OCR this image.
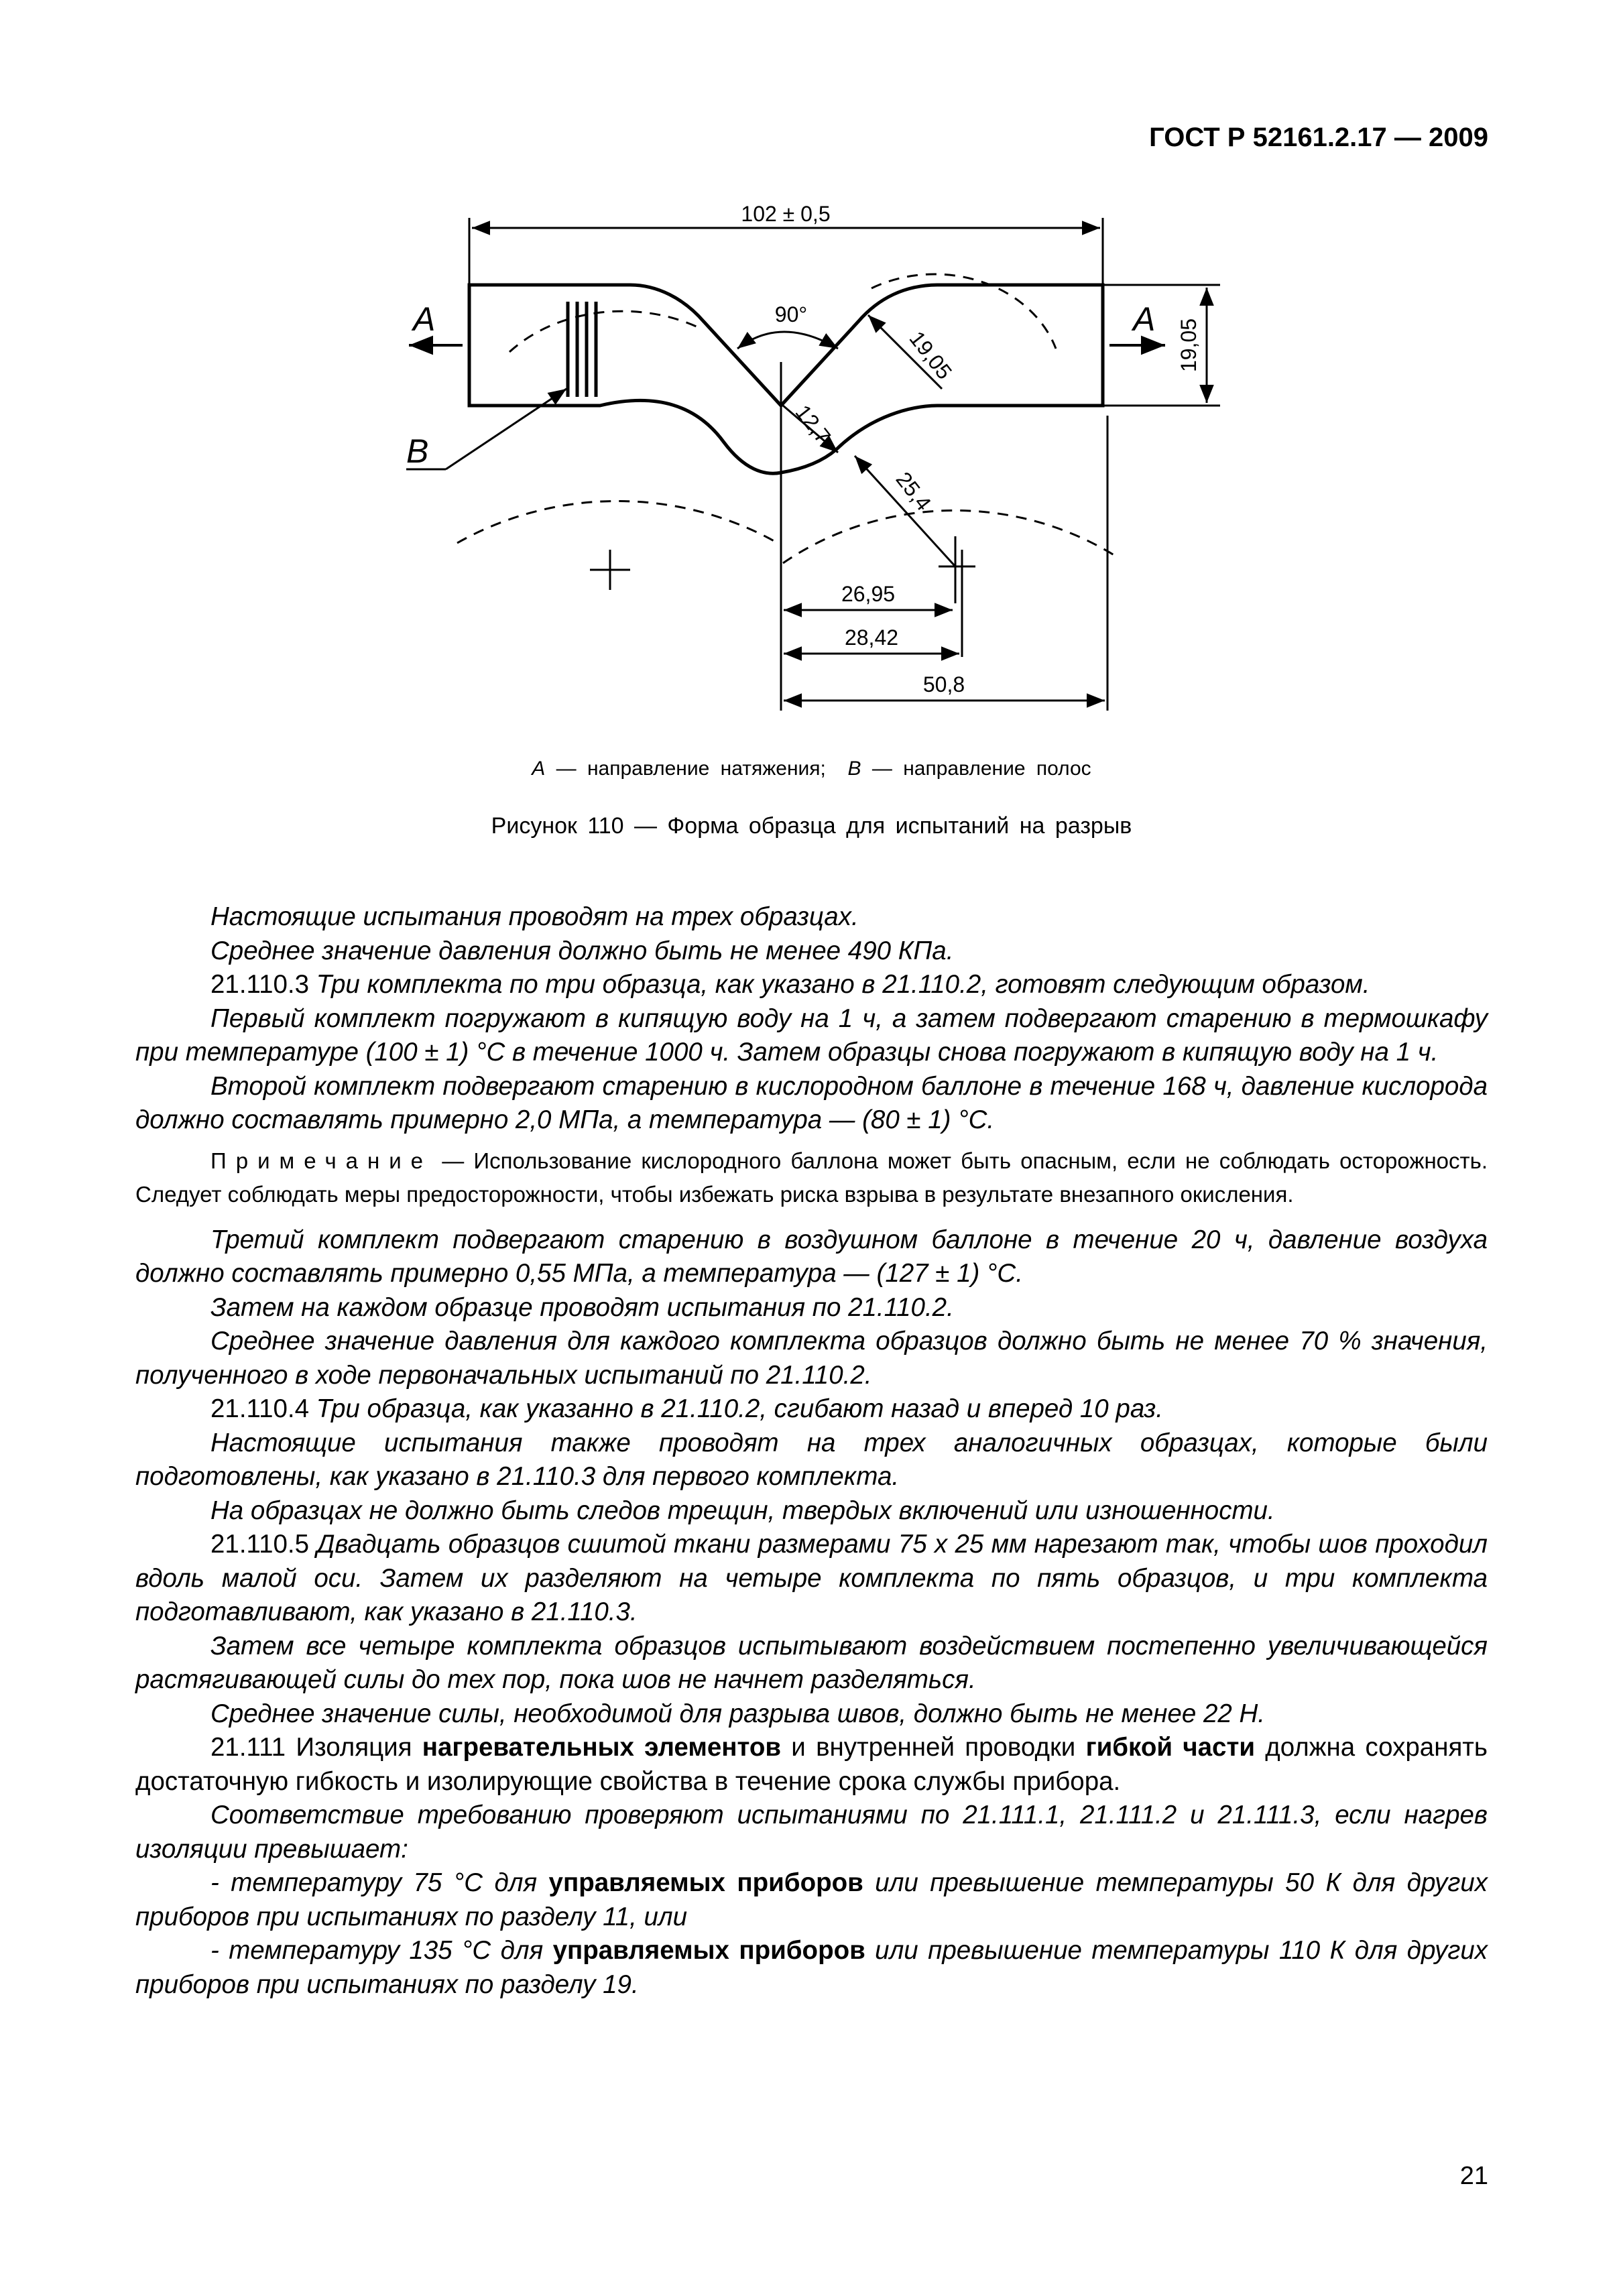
ГОСТ Р 52161.2.17 — 2009
102 ± 0,5
19,05
A	A
B
90°
19,05
12,7
25,4
26,95
28,42
50,8
A — направление натяжения; B — направление полос
Рисунок 110 — Форма образца для испытаний на разрыв

Настоящие испытания проводят на трех образцах.

Среднее значение давления должно быть не менее 490 КПа.

21.110.3 Три комплекта по три образца, как указано в 21.110.2, готовят следующим образом.

Первый комплект погружают в кипящую воду на 1 ч, а затем подвергают старению в термошкафу при температуре (100 ± 1) °С в течение 1000 ч. Затем образцы снова погружают в кипящую воду на 1 ч.

Второй комплект подвергают старению в кислородном баллоне в течение 168 ч, давление кислорода должно составлять примерно 2,0 МПа, а температура — (80 ± 1) °С.

Примечание — Использование кислородного баллона может быть опасным, если не соблюдать осторожность. Следует соблюдать меры предосторожности, чтобы избежать риска взрыва в результате внезапного окисления.

Третий комплект подвергают старению в воздушном баллоне в течение 20 ч, давление воздуха должно составлять примерно 0,55 МПа, а температура — (127 ± 1) °С.

Затем на каждом образце проводят испытания по 21.110.2.

Среднее значение давления для каждого комплекта образцов должно быть не менее 70 % значения, полученного в ходе первоначальных испытаний по 21.110.2.

21.110.4 Три образца, как указанно в 21.110.2, сгибают назад и вперед 10 раз.

Настоящие испытания также проводят на трех аналогичных образцах, которые были подготовлены, как указано в 21.110.3 для первого комплекта.

На образцах не должно быть следов трещин, твердых включений или изношенности.

21.110.5 Двадцать образцов сшитой ткани размерами 75 x 25 мм нарезают так, чтобы шов проходил вдоль малой оси. Затем их разделяют на четыре комплекта по пять образцов, и три комплекта подготавливают, как указано в 21.110.3.

Затем все четыре комплекта образцов испытывают воздействием постепенно увеличивающейся растягивающей силы до тех пор, пока шов не начнет разделяться.

Среднее значение силы, необходимой для разрыва швов, должно быть не менее 22 Н.

21.111 Изоляция нагревательных элементов и внутренней проводки гибкой части должна сохранять достаточную гибкость и изолирующие свойства в течение срока службы прибора.

Соответствие требованию проверяют испытаниями по 21.111.1, 21.111.2 и 21.111.3, если нагрев изоляции превышает:

- температуру 75 °С для управляемых приборов или превышение температуры 50 К для других приборов при испытаниях по разделу 11, или

- температуру 135 °С для управляемых приборов или превышение температуры 110 К для других приборов при испытаниях по разделу 19.

21
